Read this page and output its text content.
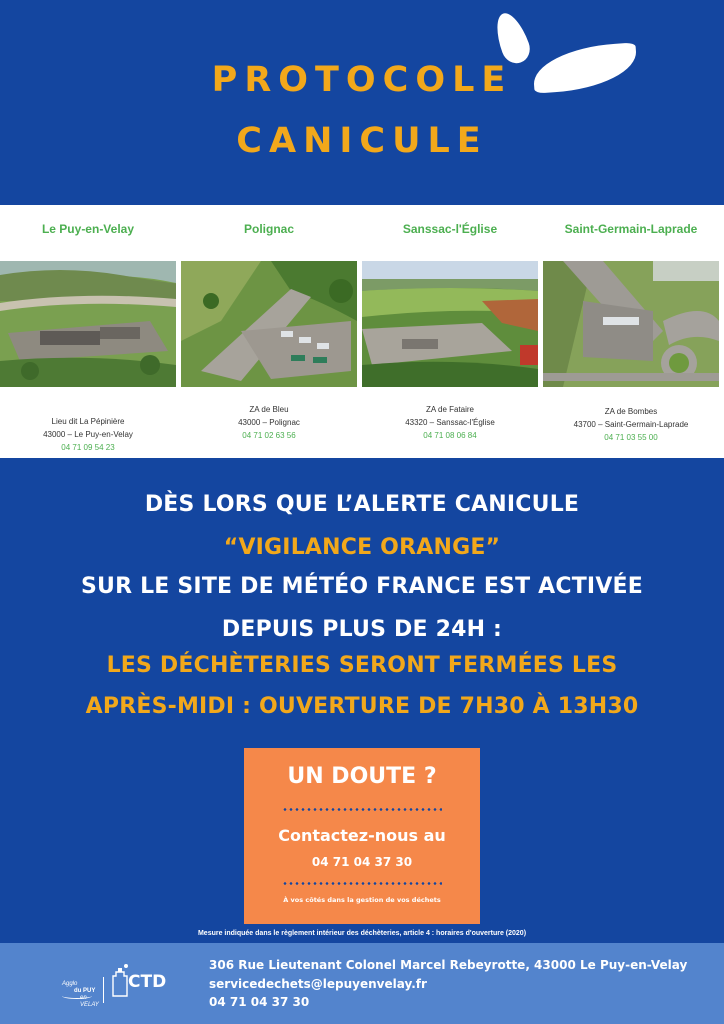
PROTOCOLE
CANICULE
Le Puy-en-Velay
Lieu dit La Pépinière
43000 – Le Puy-en-Velay
04 71 09 54 23
Polignac
ZA de Bleu
43000 – Polignac
04 71 02 63 56
Sanssac-l'Église
ZA de Fataire
43320 – Sanssac-l'Église
04 71 08 06 84
Saint-Germain-Laprade
ZA de Bombes
43700 – Saint-Germain-Laprade
04 71 03 55 00
DÈS LORS QUE L’ALERTE CANICULE
“VIGILANCE ORANGE”
SUR LE SITE DE MÉTÉO FRANCE EST ACTIVÉE
DEPUIS PLUS DE 24H :
LES DÉCHÈTERIES SERONT FERMÉES LES
APRÈS-MIDI : OUVERTURE DE 7H30 À 13H30
UN DOUTE ?
Contactez-nous au
04 71 04 37 30
À vos côtés dans la gestion de vos déchets
Mesure indiquée dans le règlement intérieur des déchèteries, article 4 : horaires d'ouverture (2020)
Agglo
du PUY
en VELAY
CTD
306 Rue Lieutenant Colonel Marcel Rebeyrotte, 43000 Le Puy-en-Velay
servicedechets@lepuyenvelay.fr
04 71 04 37 30
